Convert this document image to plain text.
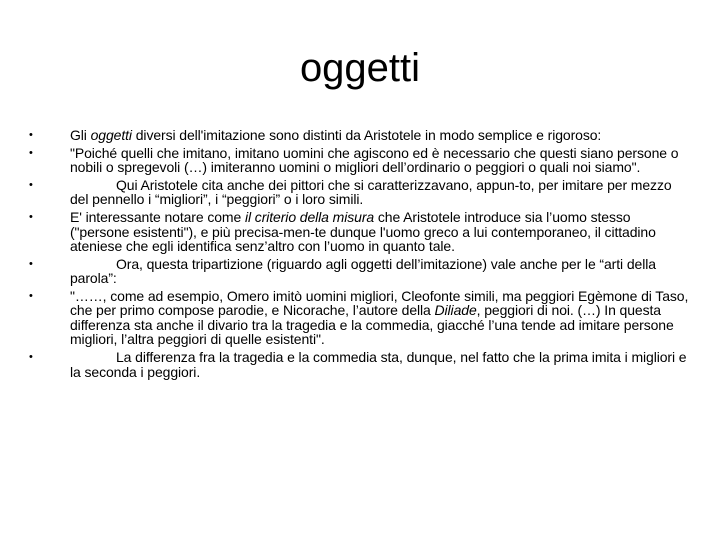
oggetti
•	Gli oggetti diversi dell'imitazione sono distinti da Aristotele in modo semplice e rigoroso:
•	"Poiché quelli che imitano, imitano uomini che agiscono ed è necessario che questi siano persone o nobili o spregevoli (…) imiteranno uomini o migliori dell’ordinario o peggiori o quali noi siamo".
•	Qui Aristotele cita anche dei pittori che si caratterizzavano, appun-to, per imitare per mezzo del pennello i “migliori”, i “peggiori” o i loro simili.
•	E' interessante notare come il criterio della misura che Aristotele introduce sia l’uomo stesso ("persone esistenti"), e più precisa-men-te dunque l'uomo greco a lui contemporaneo, il cittadino ateniese che egli identifica senz’altro con l’uomo in quanto tale.
•	Ora, questa tripartizione (riguardo agli oggetti dell’imitazione) vale anche per le “arti della parola”:
•	"……, come ad esempio, Omero imitò uomini migliori, Cleofonte simili, ma peggiori Egèmone di Taso, che per primo compose parodie, e Nicorache, l’autore della Diliade, peggiori di noi. (…) In questa differenza sta anche il divario tra la tragedia e la commedia, giacché l’una tende ad imitare persone migliori, l’altra peggiori di quelle esistenti".
•	La differenza fra la tragedia e la commedia sta, dunque, nel fatto che la prima imita i migliori e la seconda i peggiori.
